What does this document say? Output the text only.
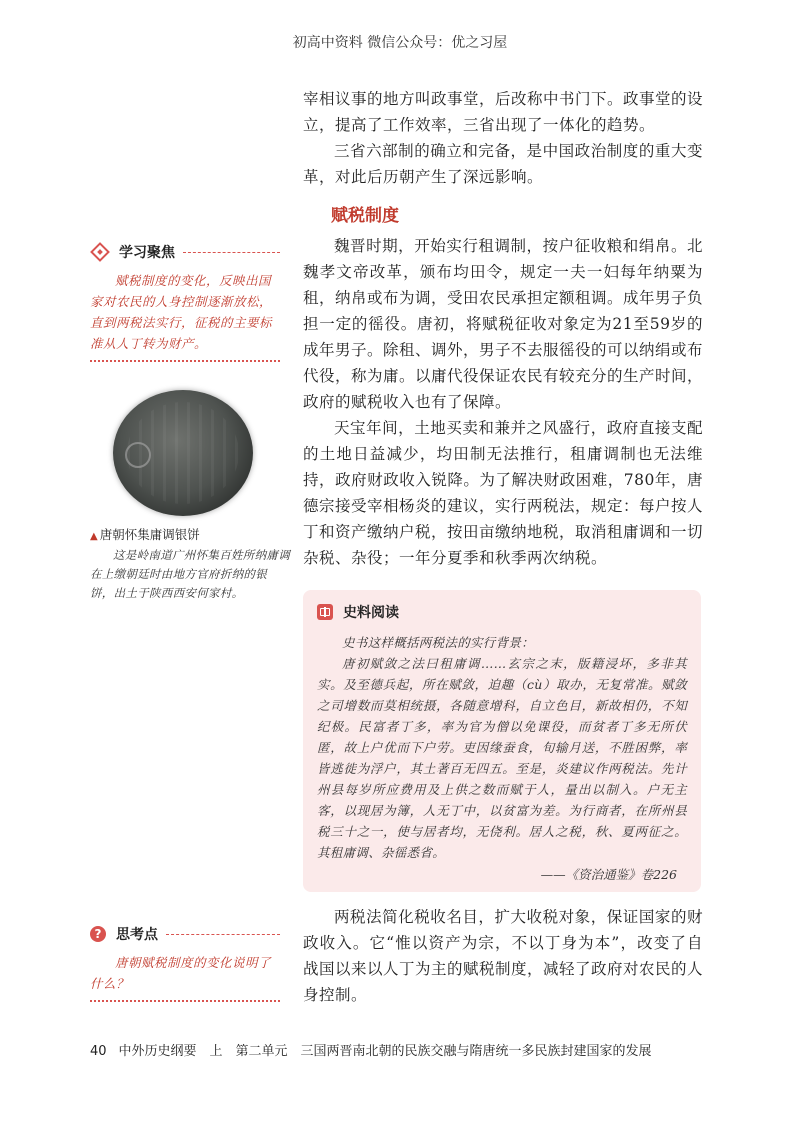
初高中资料 微信公众号：优之习屋

宰相议事的地方叫政事堂，后改称中书门下。政事堂的设立，提高了工作效率，三省出现了一体化的趋势。

三省六部制的确立和完备，是中国政治制度的重大变革，对此后历朝产生了深远影响。

赋税制度

魏晋时期，开始实行租调制，按户征收粮和绢帛。北魏孝文帝改革，颁布均田令，规定一夫一妇每年纳粟为租，纳帛或布为调，受田农民承担定额租调。成年男子负担一定的徭役。唐初，将赋税征收对象定为21至59岁的成年男子。除租、调外，男子不去服徭役的可以纳绢或布代役，称为庸。以庸代役保证农民有较充分的生产时间，政府的赋税收入也有了保障。

天宝年间，土地买卖和兼并之风盛行，政府直接支配的土地日益减少，均田制无法推行，租庸调制也无法维持，政府财政收入锐降。为了解决财政困难，780年，唐德宗接受宰相杨炎的建议，实行两税法，规定：每户按人丁和资产缴纳户税，按田亩缴纳地税，取消租庸调和一切杂税、杂役；一年分夏季和秋季两次纳税。

学习聚焦
赋税制度的变化，反映出国家对农民的人身控制逐渐放松，直到两税法实行，征税的主要标准从人丁转为财产。
▲ 唐朝怀集庸调银饼
这是岭南道广州怀集百姓所纳庸调在上缴朝廷时由地方官府折纳的银饼，出土于陕西西安何家村。
史料阅读

史书这样概括两税法的实行背景：

唐初赋敛之法曰租庸调……玄宗之末，版籍浸坏，多非其实。及至德兵起，所在赋敛，迫趣（cù）取办，无复常准。赋敛之司增数而莫相统摄，各随意增科，自立色目，新故相仍，不知纪极。民富者丁多，率为官为僧以免课役，而贫者丁多无所伏匿，故上户优而下户劳。吏因缘蚕食，旬输月送，不胜困弊，率皆逃徙为浮户，其土著百无四五。至是，炎建议作两税法。先计州县每岁所应费用及上供之数而赋于人，量出以制入。户无主客，以现居为簿，人无丁中，以贫富为差。为行商者，在所州县税三十之一，使与居者均，无侥利。居人之税，秋、夏两征之。其租庸调、杂徭悉省。

——《资治通鉴》卷226

两税法简化税收名目，扩大收税对象，保证国家的财政收入。它“惟以资产为宗，不以丁身为本”，改变了自战国以来以人丁为主的赋税制度，减轻了政府对农民的人身控制。

?	思考点
唐朝赋税制度的变化说明了什么？
40 中外历史纲要　上　第二单元　三国两晋南北朝的民族交融与隋唐统一多民族封建国家的发展
